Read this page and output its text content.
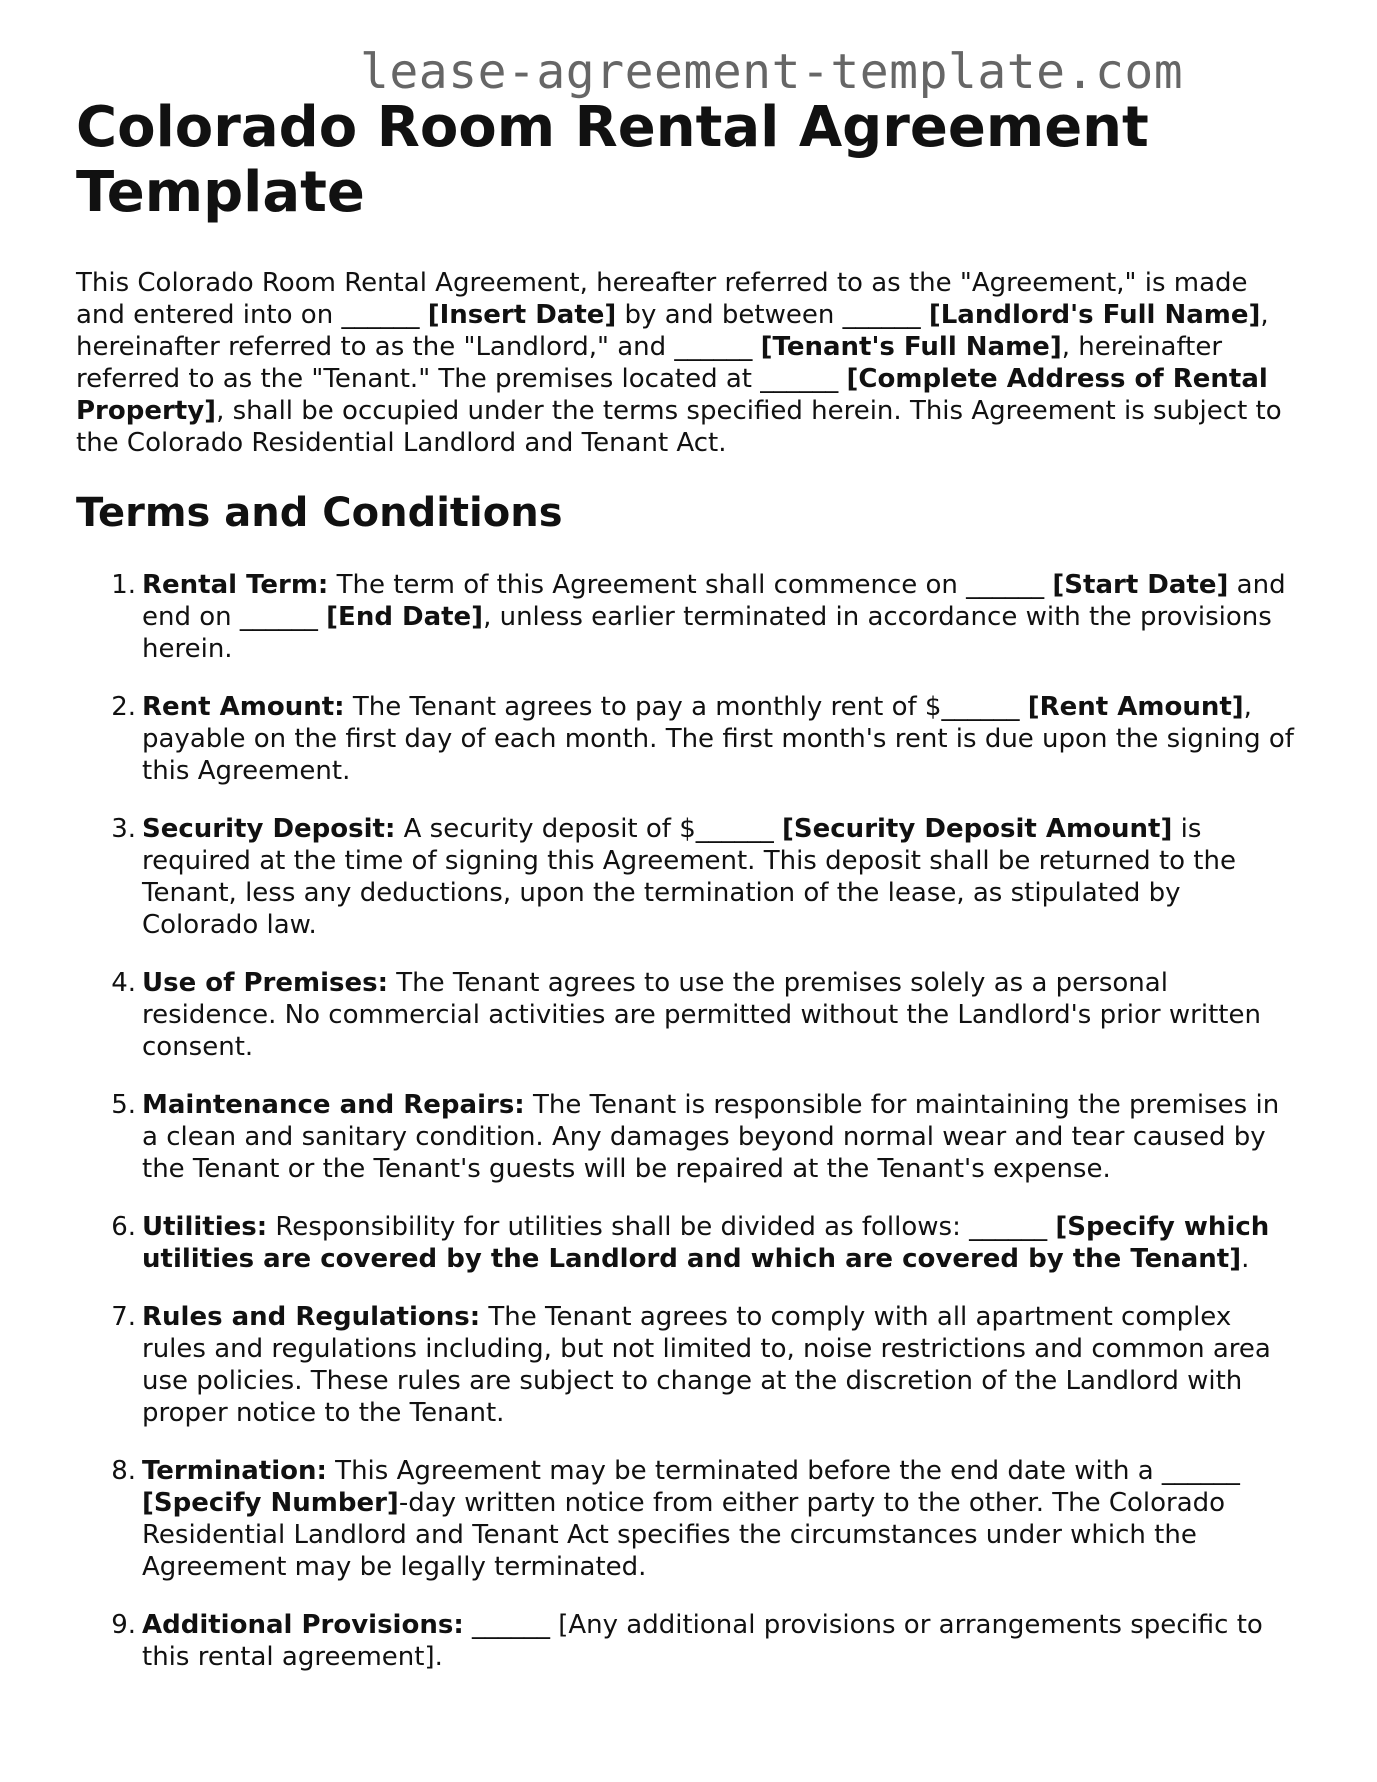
lease-agreement-template.com
Colorado Room Rental Agreement Template

This Colorado Room Rental Agreement, hereafter referred to as the "Agreement," is made and entered into on ______ [Insert Date] by and between ______ [Landlord's Full Name], hereinafter referred to as the "Landlord," and ______ [Tenant's Full Name], hereinafter referred to as the "Tenant." The premises located at ______ [Complete Address of Rental Property], shall be occupied under the terms specified herein. This Agreement is subject to the Colorado Residential Landlord and Tenant Act.

Terms and Conditions
1. Rental Term: The term of this Agreement shall commence on ______ [Start Date] and end on ______ [End Date], unless earlier terminated in accordance with the provisions herein.
2. Rent Amount: The Tenant agrees to pay a monthly rent of $______ [Rent Amount], payable on the first day of each month. The first month's rent is due upon the signing of this Agreement.
3. Security Deposit: A security deposit of $______ [Security Deposit Amount] is required at the time of signing this Agreement. This deposit shall be returned to the Tenant, less any deductions, upon the termination of the lease, as stipulated by Colorado law.
4. Use of Premises: The Tenant agrees to use the premises solely as a personal residence. No commercial activities are permitted without the Landlord's prior written consent.
5. Maintenance and Repairs: The Tenant is responsible for maintaining the premises in a clean and sanitary condition. Any damages beyond normal wear and tear caused by the Tenant or the Tenant's guests will be repaired at the Tenant's expense.
6. Utilities: Responsibility for utilities shall be divided as follows: ______ [Specify which utilities are covered by the Landlord and which are covered by the Tenant].
7. Rules and Regulations: The Tenant agrees to comply with all apartment complex rules and regulations including, but not limited to, noise restrictions and common area use policies. These rules are subject to change at the discretion of the Landlord with proper notice to the Tenant.
8. Termination: This Agreement may be terminated before the end date with a ______ [Specify Number]-day written notice from either party to the other. The Colorado Residential Landlord and Tenant Act specifies the circumstances under which the Agreement may be legally terminated.
9. Additional Provisions: ______ [Any additional provisions or arrangements specific to this rental agreement].
